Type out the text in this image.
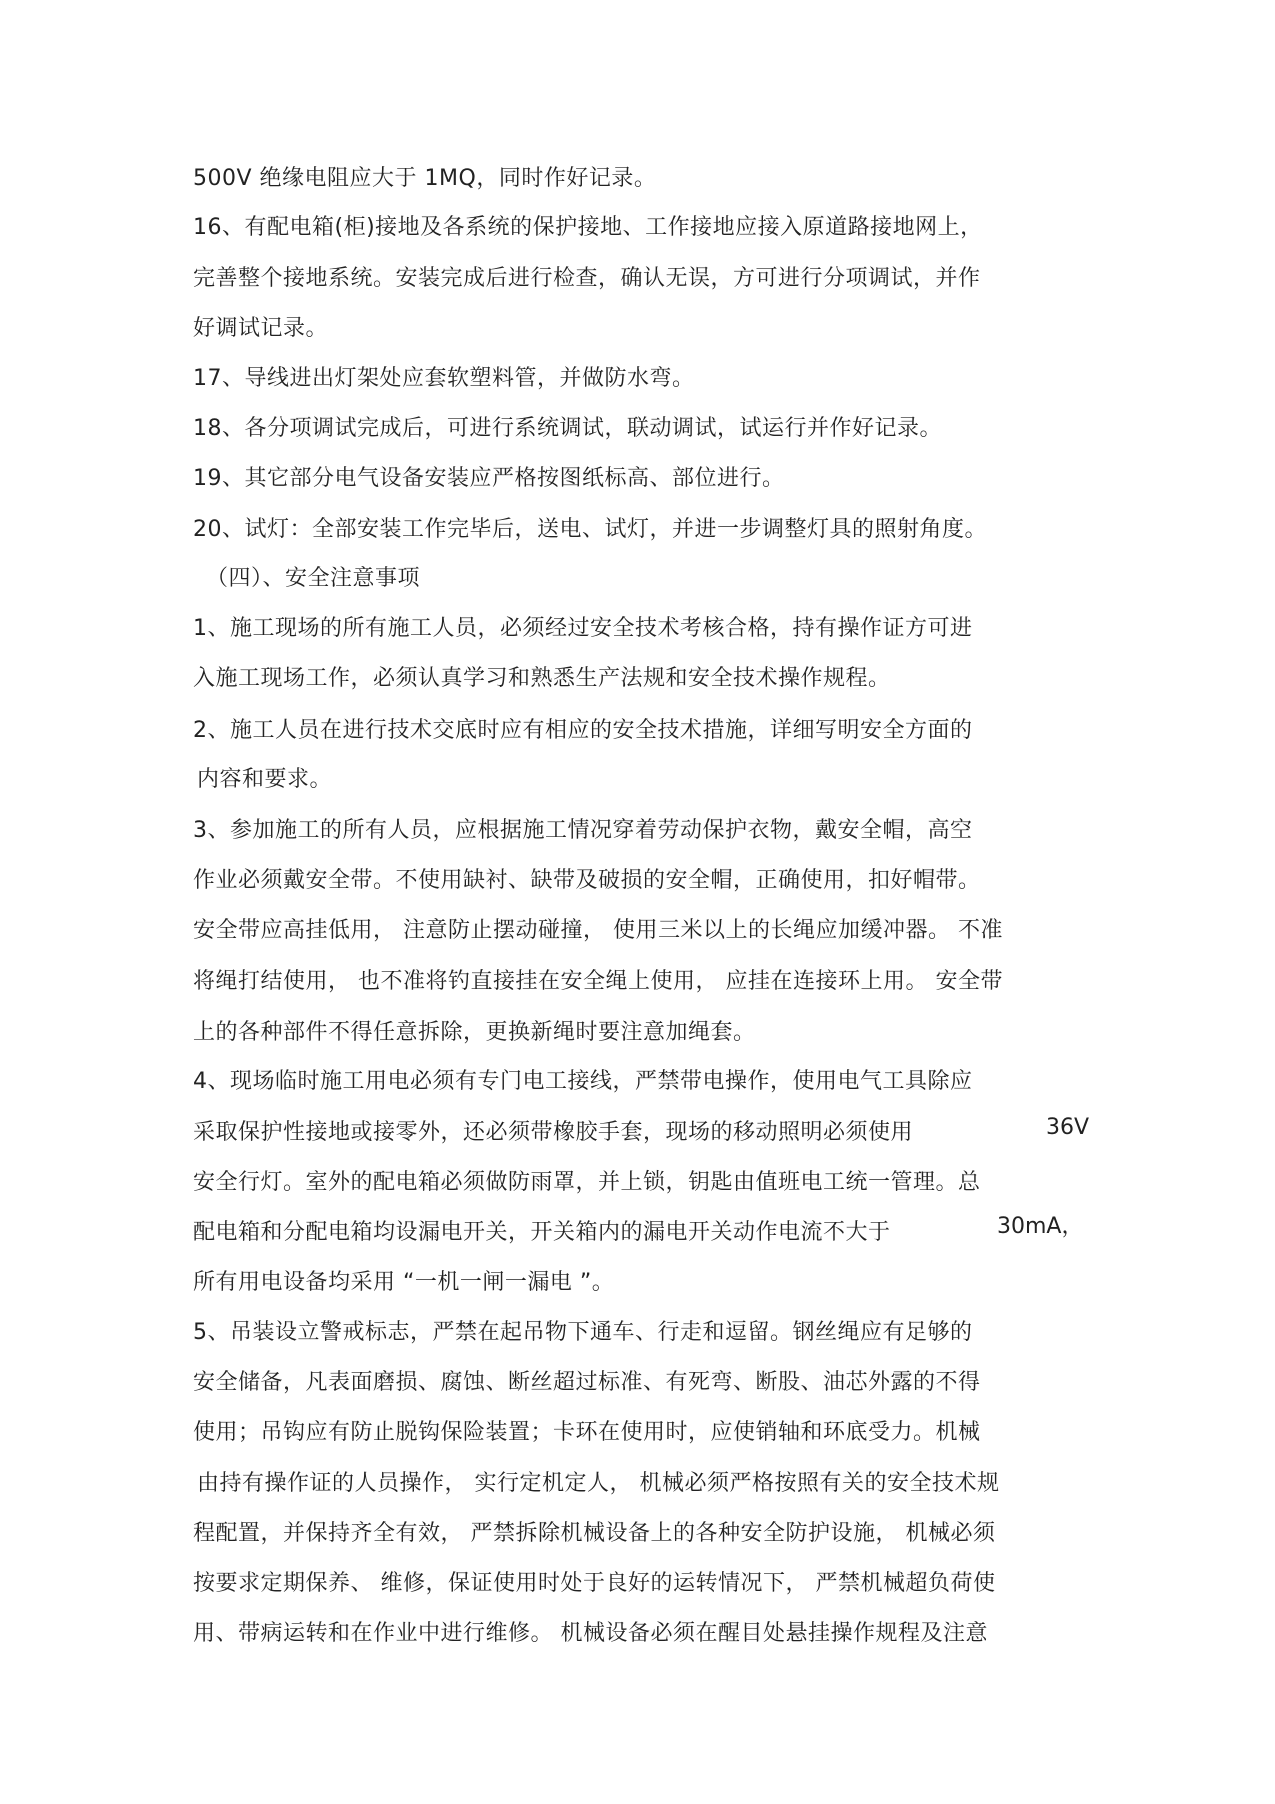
500V 绝缘电阻应大于 1MQ，同时作好记录。
16、有配电箱(柜)接地及各系统的保护接地、工作接地应接入原道路接地网上，
完善整个接地系统。安装完成后进行检查，确认无误，方可进行分项调试，并作
好调试记录。
17、导线进出灯架处应套软塑料管，并做防水弯。
18、各分项调试完成后，可进行系统调试，联动调试，试运行并作好记录。
19、其它部分电气设备安装应严格按图纸标高、部位进行。
20、试灯：全部安装工作完毕后，送电、试灯，并进一步调整灯具的照射角度。
（四）、安全注意事项
1、施工现场的所有施工人员，必须经过安全技术考核合格，持有操作证方可进
入施工现场工作，必须认真学习和熟悉生产法规和安全技术操作规程。
2、施工人员在进行技术交底时应有相应的安全技术措施，详细写明安全方面的
内容和要求。
3、参加施工的所有人员，应根据施工情况穿着劳动保护衣物，戴安全帽，高空
作业必须戴安全带。不使用缺衬、缺带及破损的安全帽，正确使用，扣好帽带。
安全带应高挂低用， 注意防止摆动碰撞， 使用三米以上的长绳应加缓冲器。 不准
将绳打结使用， 也不准将钓直接挂在安全绳上使用， 应挂在连接环上用。 安全带
上的各种部件不得任意拆除，更换新绳时要注意加绳套。
4、现场临时施工用电必须有专门电工接线，严禁带电操作，使用电气工具除应
采取保护性接地或接零外，还必须带橡胶手套，现场的移动照明必须使用	36V
安全行灯。室外的配电箱必须做防雨罩，并上锁，钥匙由值班电工统一管理。总
配电箱和分配电箱均设漏电开关，开关箱内的漏电开关动作电流不大于	30mA，
所有用电设备均采用 “一机一闸一漏电 ”。
5、吊装设立警戒标志，严禁在起吊物下通车、行走和逗留。钢丝绳应有足够的
安全储备，凡表面磨损、腐蚀、断丝超过标准、有死弯、断股、油芯外露的不得
使用；吊钩应有防止脱钩保险装置；卡环在使用时，应使销轴和环底受力。机械
由持有操作证的人员操作， 实行定机定人， 机械必须严格按照有关的安全技术规
程配置，并保持齐全有效， 严禁拆除机械设备上的各种安全防护设施， 机械必须
按要求定期保养、 维修，保证使用时处于良好的运转情况下， 严禁机械超负荷使
用、带病运转和在作业中进行维修。 机械设备必须在醒目处悬挂操作规程及注意
